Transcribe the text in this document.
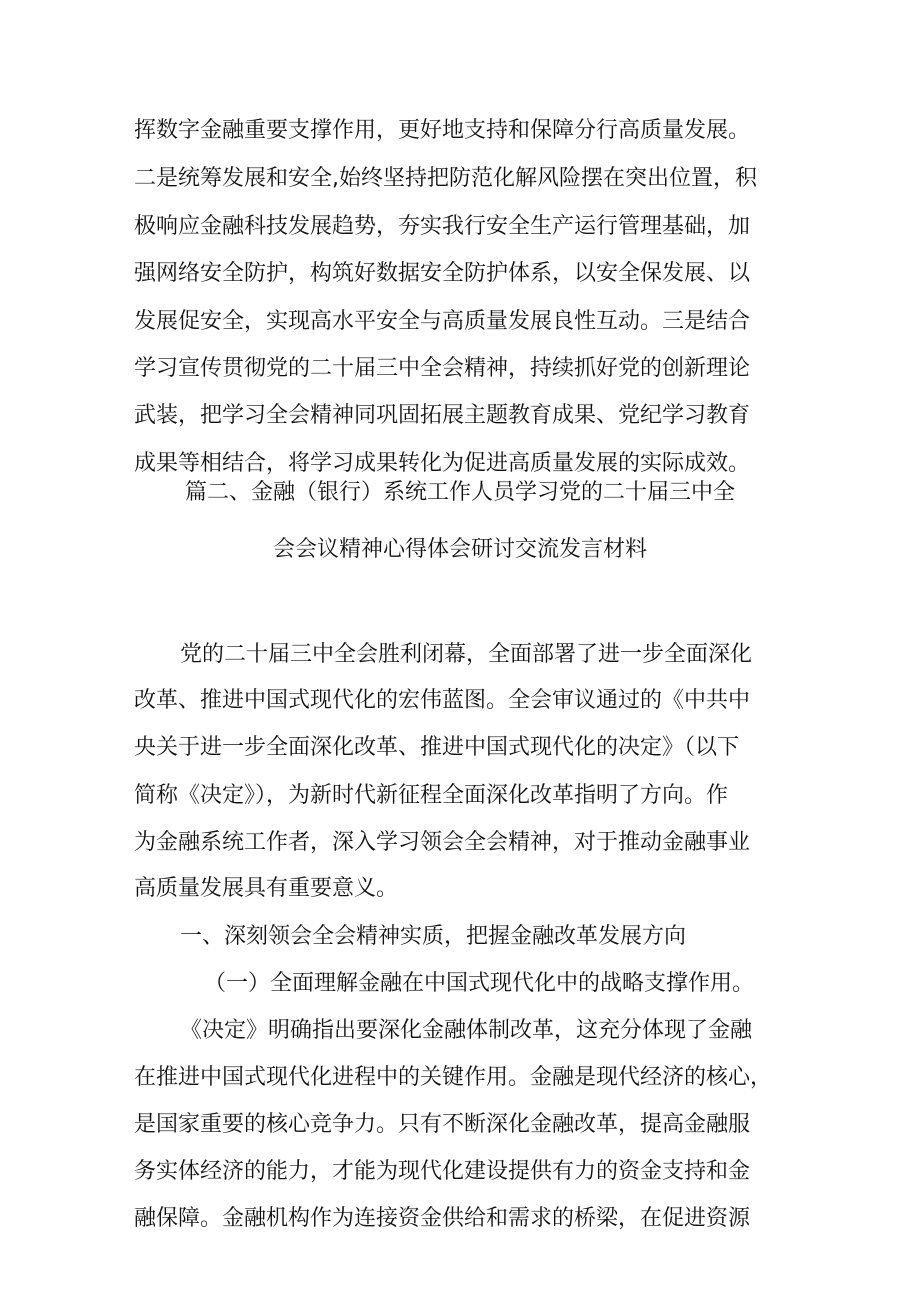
挥数字金融重要支撑作用，更好地支持和保障分行高质量发展。
二是统筹发展和安全,始终坚持把防范化解风险摆在突出位置，积
极响应金融科技发展趋势，夯实我行安全生产运行管理基础，加
强网络安全防护，构筑好数据安全防护体系，以安全保发展、以
发展促安全，实现高水平安全与高质量发展良性互动。三是结合
学习宣传贯彻党的二十届三中全会精神，持续抓好党的创新理论
武装，把学习全会精神同巩固拓展主题教育成果、党纪学习教育
成果等相结合，将学习成果转化为促进高质量发展的实际成效。
篇二、金融（银行）系统工作人员学习党的二十届三中全
会会议精神心得体会研讨交流发言材料
党的二十届三中全会胜利闭幕，全面部署了进一步全面深化
改革、推进中国式现代化的宏伟蓝图。全会审议通过的《中共中
央关于进一步全面深化改革、推进中国式现代化的决定》（以下
简称《决定》），为新时代新征程全面深化改革指明了方向。作
为金融系统工作者，深入学习领会全会精神，对于推动金融事业
高质量发展具有重要意义。
一、深刻领会全会精神实质，把握金融改革发展方向
（一）全面理解金融在中国式现代化中的战略支撑作用。
《决定》明确指出要深化金融体制改革，这充分体现了金融
在推进中国式现代化进程中的关键作用。金融是现代经济的核心，
是国家重要的核心竞争力。只有不断深化金融改革，提高金融服
务实体经济的能力，才能为现代化建设提供有力的资金支持和金
融保障。金融机构作为连接资金供给和需求的桥梁，在促进资源
